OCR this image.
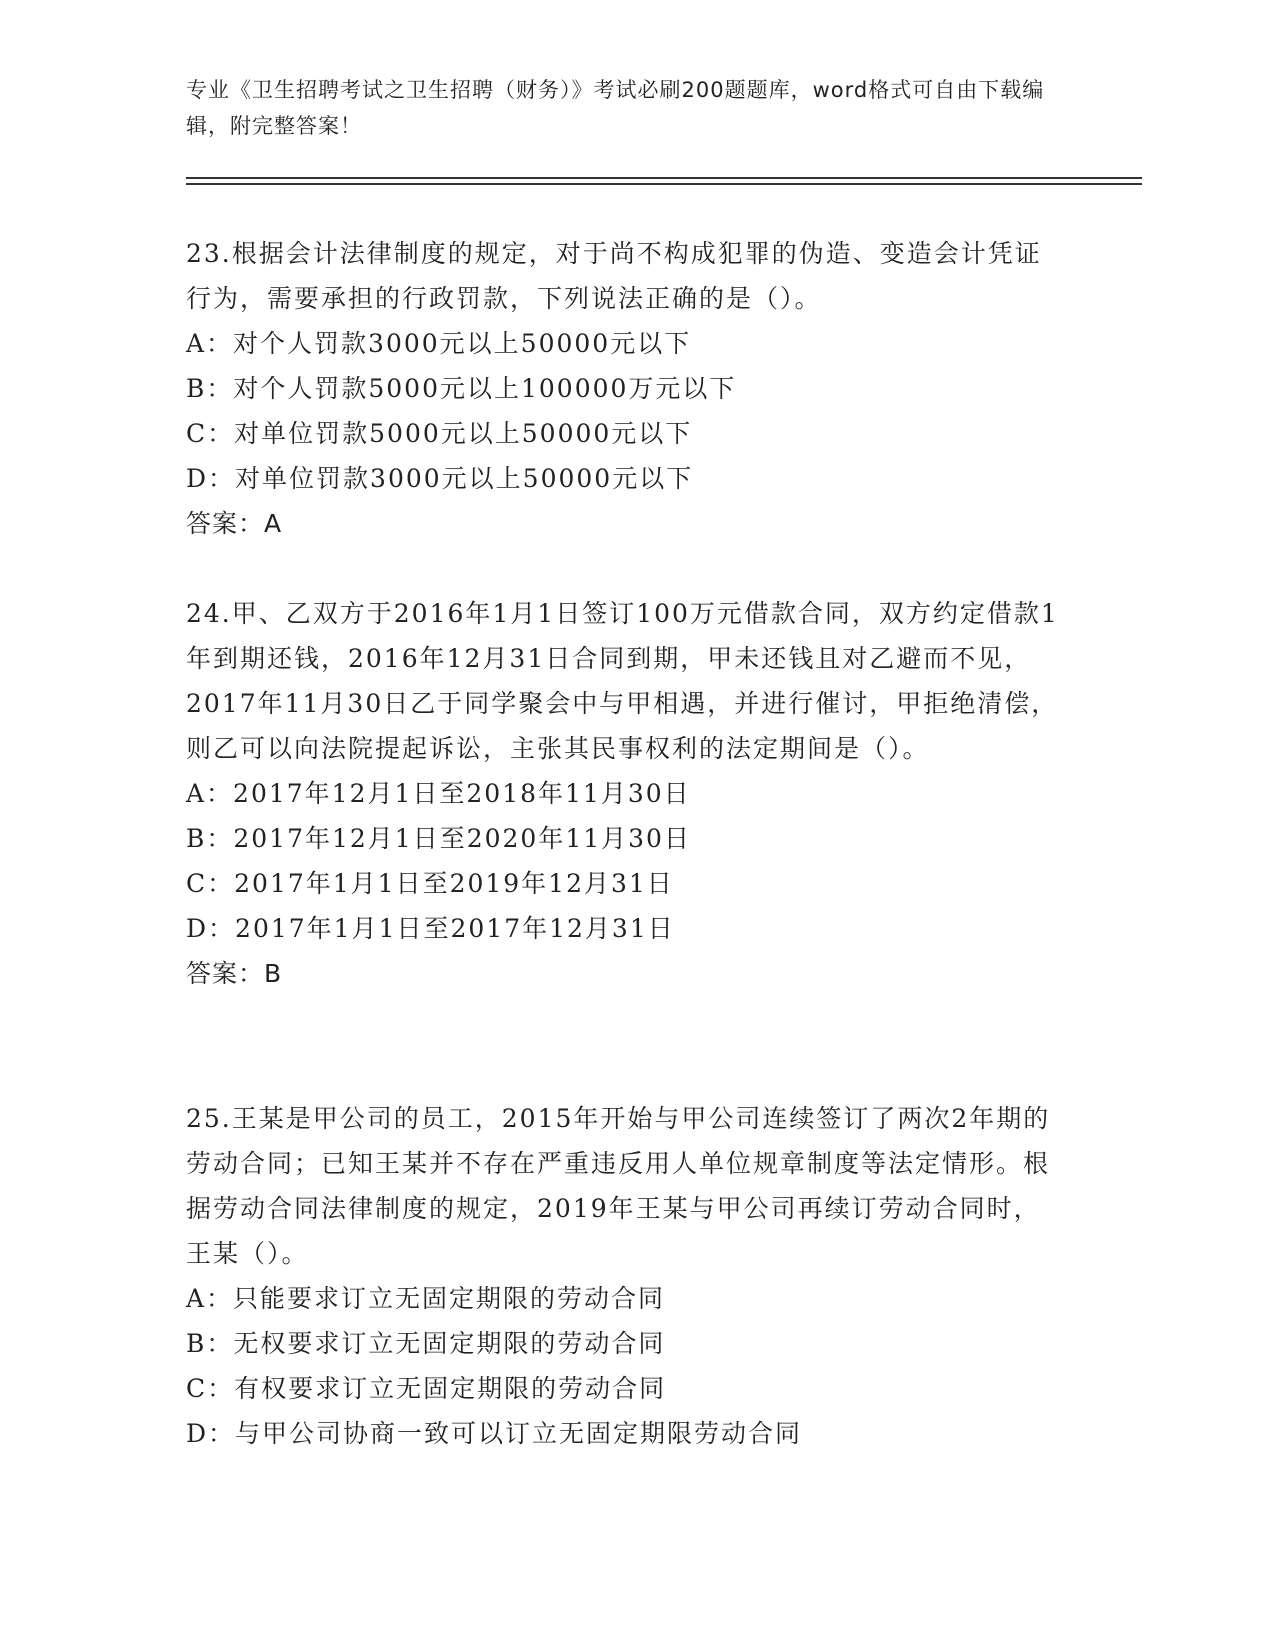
专业《卫生招聘考试之卫生招聘（财务）》考试必刷200题题库，word格式可自由下载编辑，附完整答案！

23.根据会计法律制度的规定，对于尚不构成犯罪的伪造、变造会计凭证行为，需要承担的行政罚款，下列说法正确的是（）。

A：对个人罚款3000元以上50000元以下

B：对个人罚款5000元以上100000万元以下

C：对单位罚款5000元以上50000元以下

D：对单位罚款3000元以上50000元以下

答案：A

24.甲、乙双方于2016年1月1日签订100万元借款合同，双方约定借款1年到期还钱，2016年12月31日合同到期，甲未还钱且对乙避而不见，2017年11月30日乙于同学聚会中与甲相遇，并进行催讨，甲拒绝清偿，则乙可以向法院提起诉讼，主张其民事权利的法定期间是（）。

A：2017年12月1日至2018年11月30日

B：2017年12月1日至2020年11月30日

C：2017年1月1日至2019年12月31日

D：2017年1月1日至2017年12月31日

答案：B

25.王某是甲公司的员工，2015年开始与甲公司连续签订了两次2年期的劳动合同；已知王某并不存在严重违反用人单位规章制度等法定情形。根据劳动合同法律制度的规定，2019年王某与甲公司再续订劳动合同时，王某（）。

A：只能要求订立无固定期限的劳动合同

B：无权要求订立无固定期限的劳动合同

C：有权要求订立无固定期限的劳动合同

D：与甲公司协商一致可以订立无固定期限劳动合同
